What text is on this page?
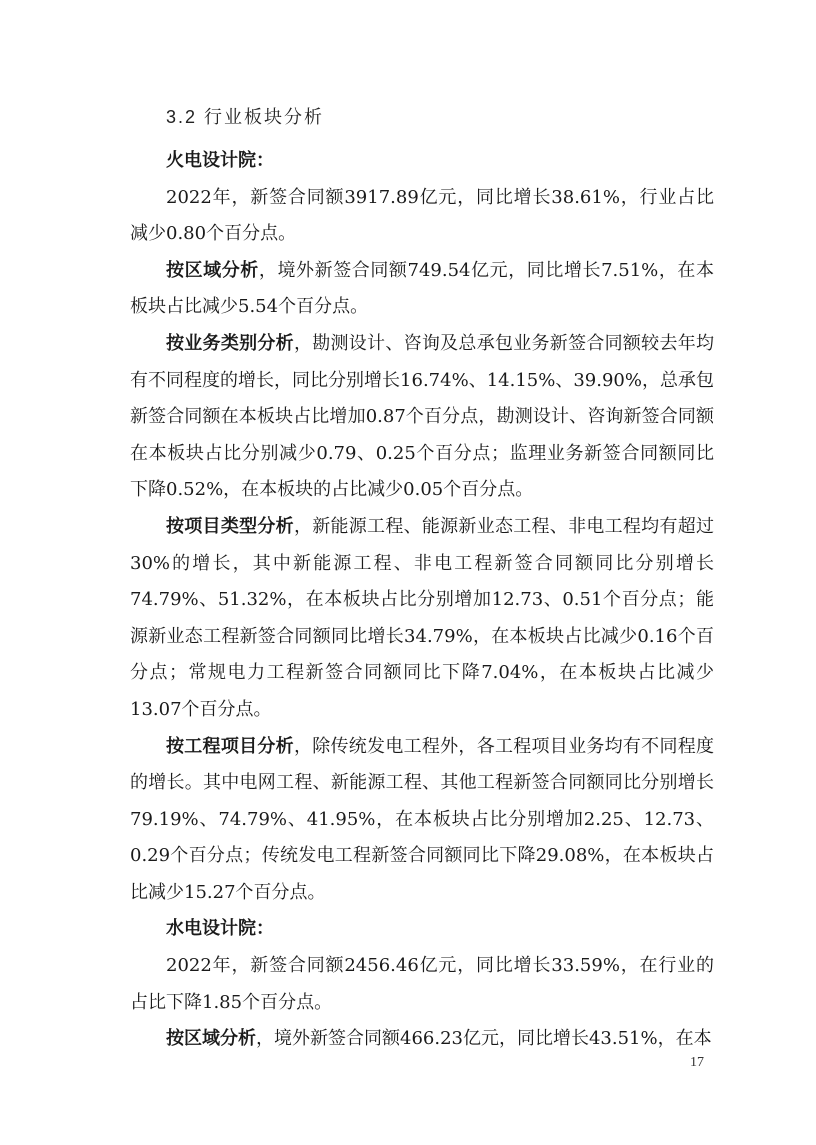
3.2 行业板块分析

火电设计院：

2022年，新签合同额3917.89亿元，同比增长38.61%，行业占比减少0.80个百分点。

按区域分析，境外新签合同额749.54亿元，同比增长7.51%，在本板块占比减少5.54个百分点。

按业务类别分析，勘测设计、咨询及总承包业务新签合同额较去年均有不同程度的增长，同比分别增长16.74%、14.15%、39.90%，总承包新签合同额在本板块占比增加0.87个百分点，勘测设计、咨询新签合同额在本板块占比分别减少0.79、0.25个百分点；监理业务新签合同额同比下降0.52%，在本板块的占比减少0.05个百分点。

按项目类型分析，新能源工程、能源新业态工程、非电工程均有超过30%的增长，其中新能源工程、非电工程新签合同额同比分别增长74.79%、51.32%，在本板块占比分别增加12.73、0.51个百分点；能源新业态工程新签合同额同比增长34.79%，在本板块占比减少0.16个百分点；常规电力工程新签合同额同比下降7.04%，在本板块占比减少13.07个百分点。

按工程项目分析，除传统发电工程外，各工程项目业务均有不同程度的增长。其中电网工程、新能源工程、其他工程新签合同额同比分别增长79.19%、74.79%、41.95%，在本板块占比分别增加2.25、12.73、0.29个百分点；传统发电工程新签合同额同比下降29.08%，在本板块占比减少15.27个百分点。

水电设计院：

2022年，新签合同额2456.46亿元，同比增长33.59%，在行业的占比下降1.85个百分点。

按区域分析，境外新签合同额466.23亿元，同比增长43.51%，在本

17
